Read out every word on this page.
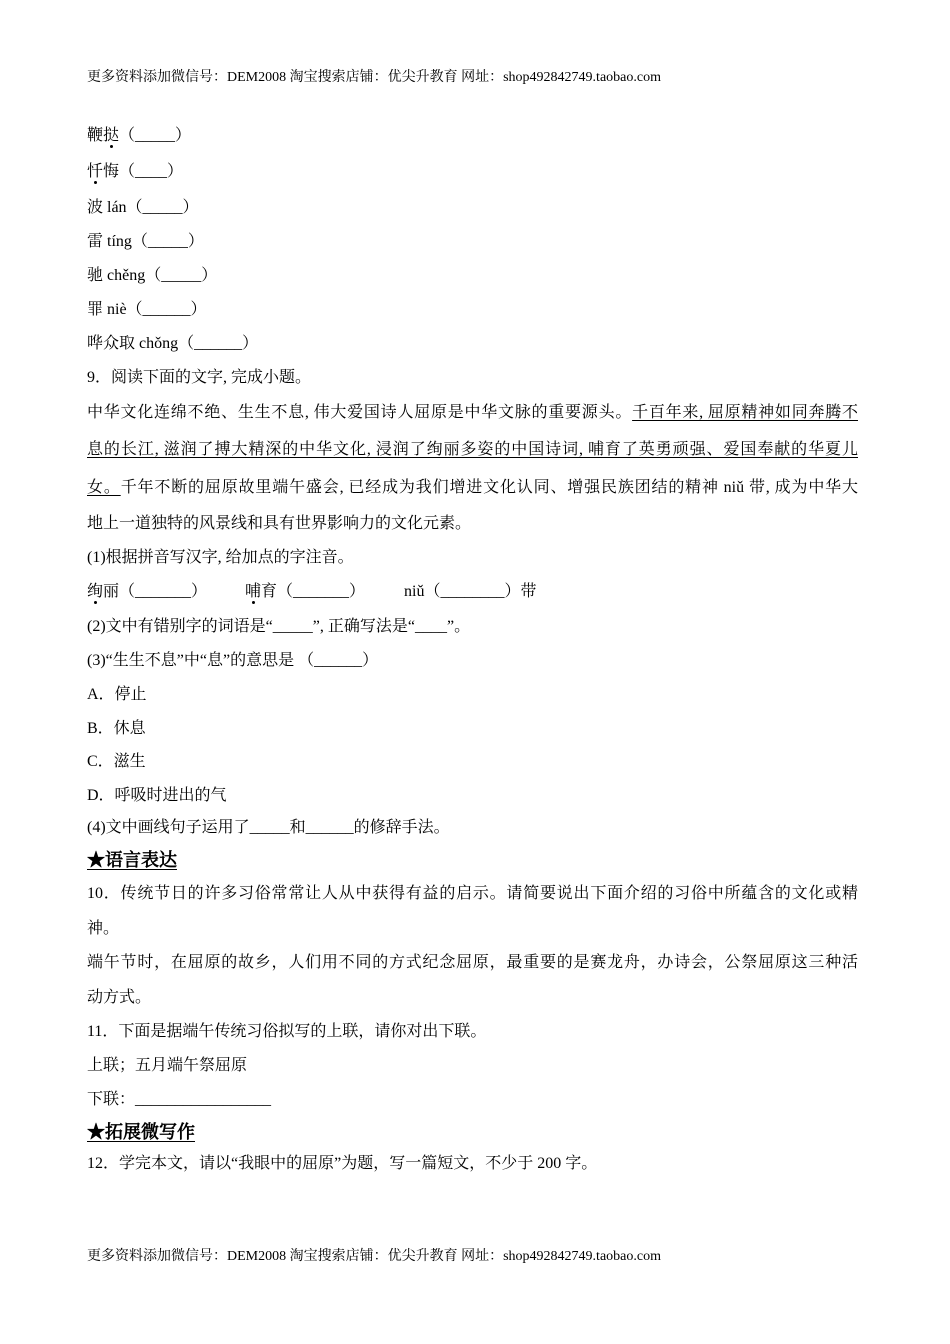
更多资料添加微信号：DEM2008 淘宝搜索店铺：优尖升教育 网址：shop492842749.taobao.com
鞭挞（_____）
忏悔（____）
波 lán（_____）
雷 tíng（_____）
驰 chěng（_____）
罪 niè（______）
哗众取 chǒng（______）
9．阅读下面的文字, 完成小题。
中华文化连绵不绝、生生不息, 伟大爱国诗人屈原是中华文脉的重要源头。千百年来, 屈原精神如同奔腾不
息的长江, 滋润了搏大精深的中华文化, 浸润了绚丽多姿的中国诗词, 哺育了英勇顽强、爱国奉献的华夏儿
女。千年不断的屈原故里端午盛会, 已经成为我们增进文化认同、增强民族团结的精神 niǔ 带, 成为中华大
地上一道独特的风景线和具有世界影响力的文化元素。
(1)根据拼音写汉字, 给加点的字注音。
绚丽（_______） 哺育（_______） niǔ（________）带
(2)文中有错别字的词语是“_____”, 正确写法是“____”。
(3)“生生不息”中“息”的意思是 （______）
A．停止
B．休息
C．滋生
D．呼吸时进出的气
(4)文中画线句子运用了_____和______的修辞手法。
★语言表达
10．传统节日的许多习俗常常让人从中获得有益的启示。请简要说出下面介绍的习俗中所蕴含的文化或精
神。
端午节时，在屈原的故乡，人们用不同的方式纪念屈原，最重要的是赛龙舟，办诗会，公祭屈原这三种活
动方式。
11．下面是据端午传统习俗拟写的上联，请你对出下联。
上联；五月端午祭屈原
下联：_________________
★拓展微写作
12．学完本文，请以“我眼中的屈原”为题，写一篇短文，不少于 200 字。
更多资料添加微信号：DEM2008 淘宝搜索店铺：优尖升教育 网址：shop492842749.taobao.com
